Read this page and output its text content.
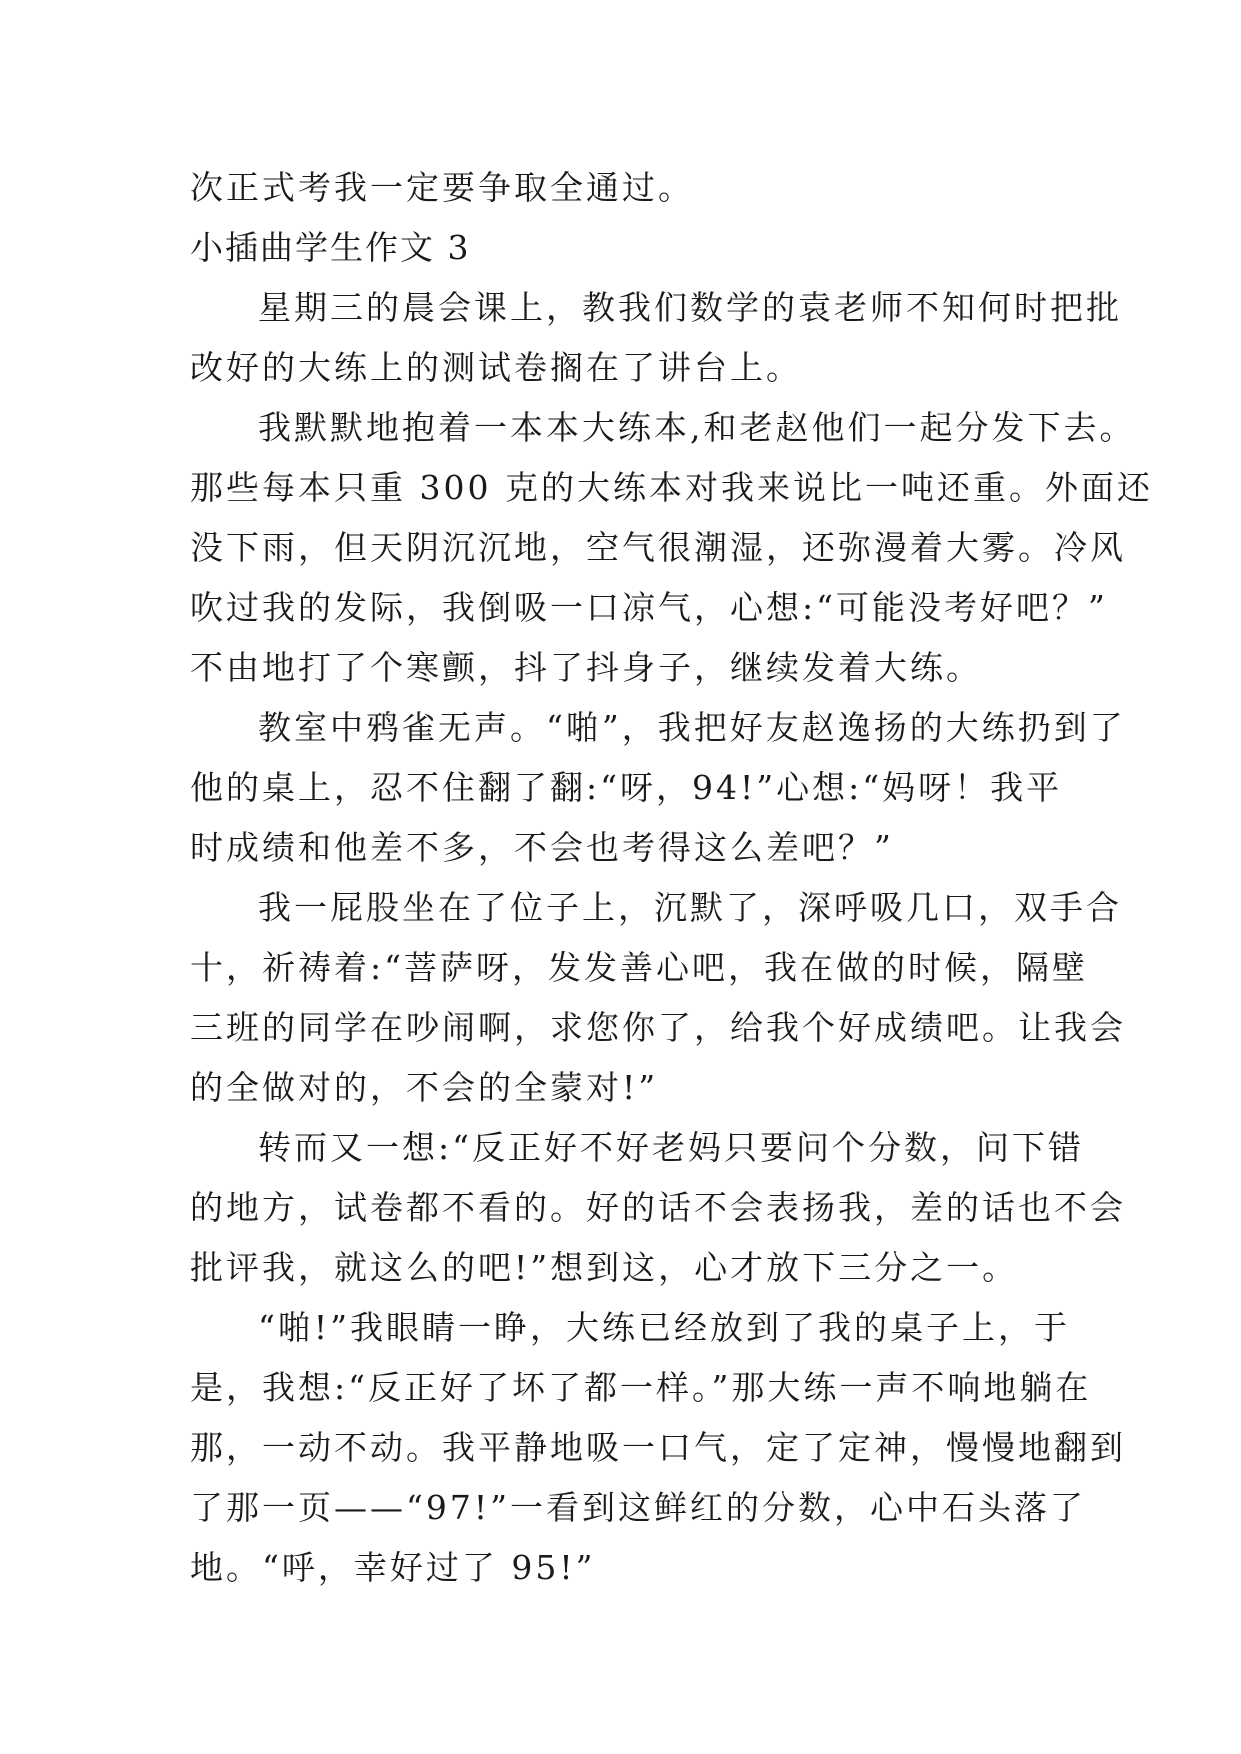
次正式考我一定要争取全通过。

小插曲学生作文 3

星期三的晨会课上，教我们数学的袁老师不知何时把批

改好的大练上的测试卷搁在了讲台上。

我默默地抱着一本本大练本,和老赵他们一起分发下去。

那些每本只重 300 克的大练本对我来说比一吨还重。外面还

没下雨，但天阴沉沉地，空气很潮湿，还弥漫着大雾。冷风

吹过我的发际，我倒吸一口凉气，心想:“可能没考好吧？”

不由地打了个寒颤，抖了抖身子，继续发着大练。

教室中鸦雀无声。“啪”，我把好友赵逸扬的大练扔到了

他的桌上，忍不住翻了翻:“呀，94!”心想:“妈呀！我平

时成绩和他差不多，不会也考得这么差吧？”

我一屁股坐在了位子上，沉默了，深呼吸几口，双手合

十，祈祷着:“菩萨呀，发发善心吧，我在做的时候，隔壁

三班的同学在吵闹啊，求您你了，给我个好成绩吧。让我会

的全做对的，不会的全蒙对!”

转而又一想:“反正好不好老妈只要问个分数，问下错

的地方，试卷都不看的。好的话不会表扬我，差的话也不会

批评我，就这么的吧!”想到这，心才放下三分之一。

“啪!”我眼睛一睁，大练已经放到了我的桌子上，于

是，我想:“反正好了坏了都一样。”那大练一声不响地躺在

那，一动不动。我平静地吸一口气，定了定神，慢慢地翻到

了那一页——“97!”一看到这鲜红的分数，心中石头落了

地。“呼，幸好过了 95!”
